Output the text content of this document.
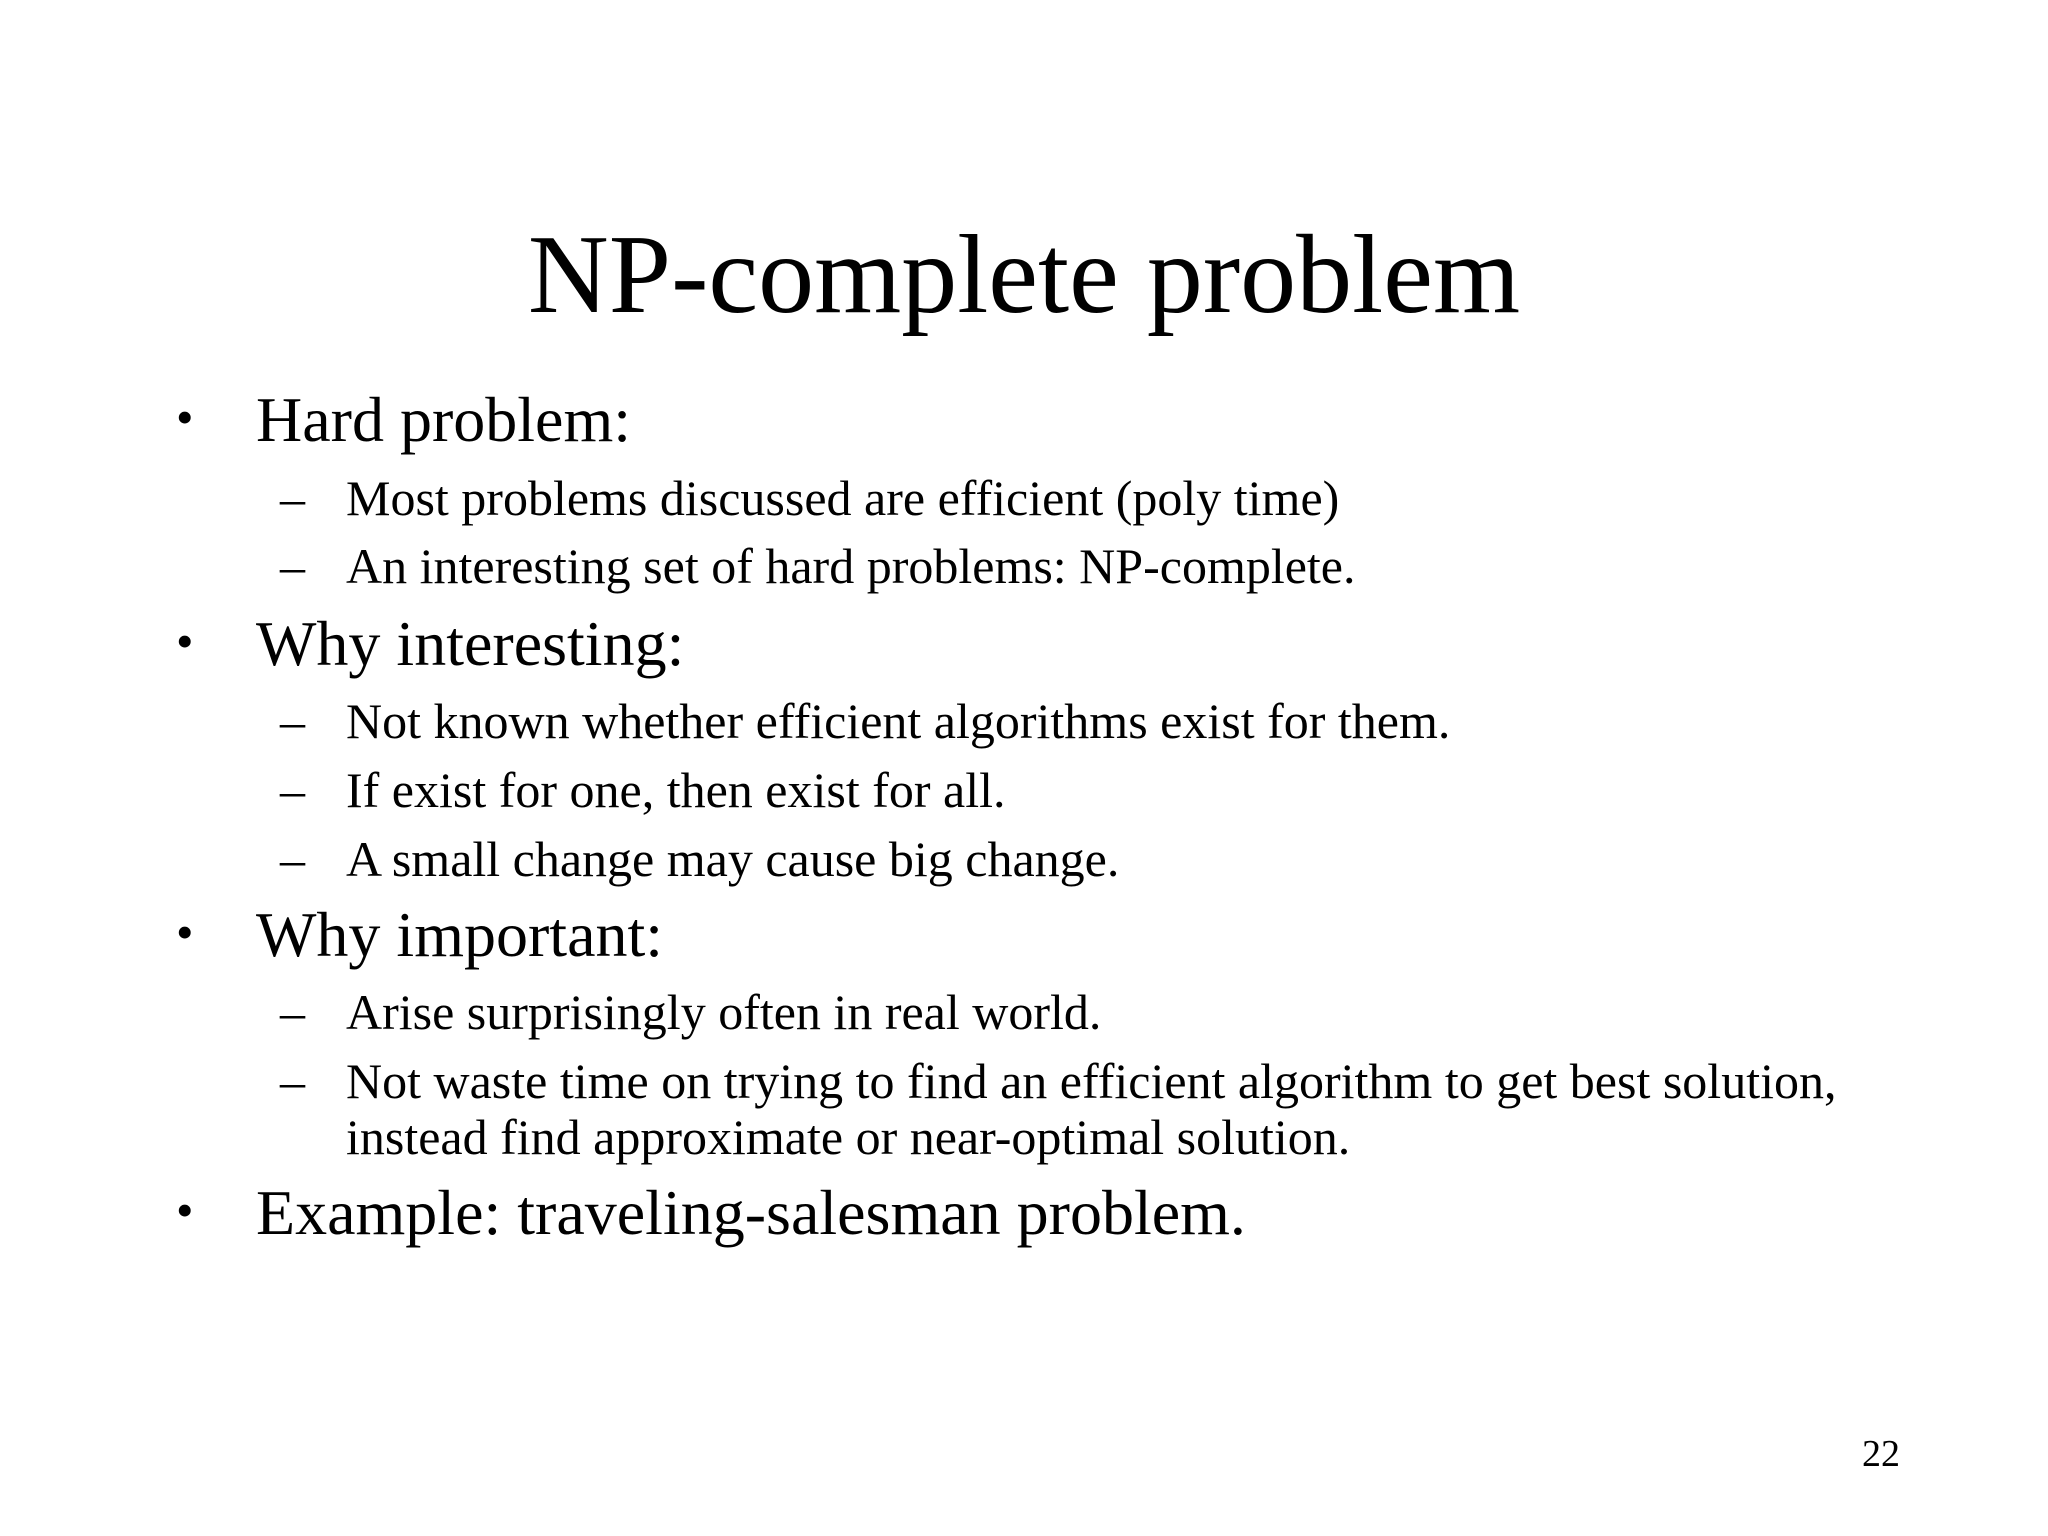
NP-complete problem
• Hard problem:
– Most problems discussed are efficient (poly time)
– An interesting set of hard problems: NP-complete.
• Why interesting:
– Not known whether efficient algorithms exist for them.
– If exist for one, then exist for all.
– A small change may cause big change.
• Why important:
– Arise surprisingly often in real world.
– Not waste time on trying to find an efficient algorithm to get best solution, instead find approximate or near-optimal solution.
• Example: traveling-salesman problem.
22
